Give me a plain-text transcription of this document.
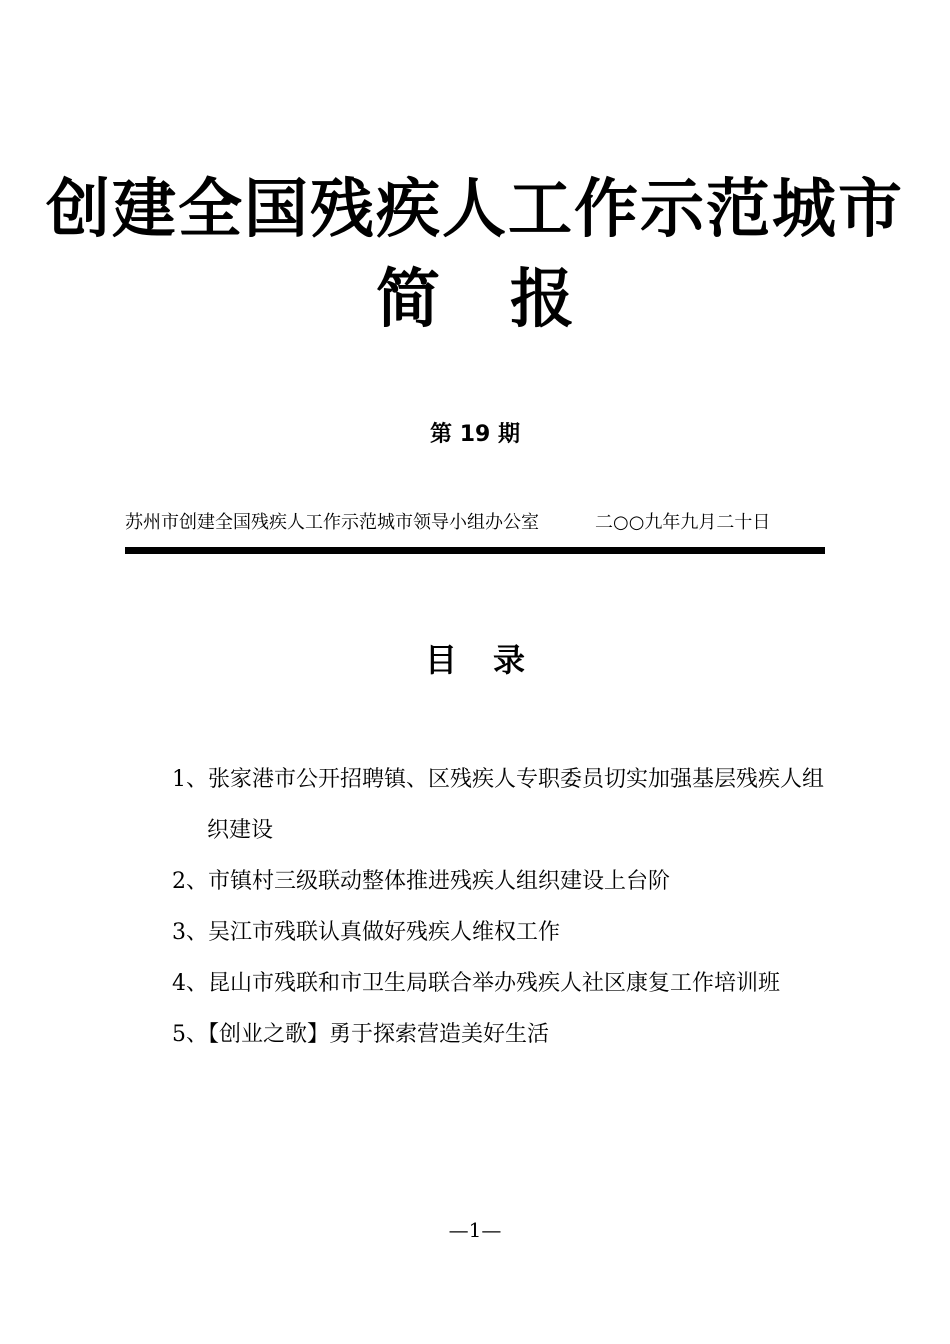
创建全国残疾人工作示范城市
简报
第 19 期
苏州市创建全国残疾人工作示范城市领导小组办公室	二○○九年九月二十日
目录
1、张家港市公开招聘镇、区残疾人专职委员切实加强基层残疾人组织建设
2、市镇村三级联动整体推进残疾人组织建设上台阶
3、吴江市残联认真做好残疾人维权工作
4、昆山市残联和市卫生局联合举办残疾人社区康复工作培训班
5、【创业之歌】勇于探索营造美好生活
—1—
